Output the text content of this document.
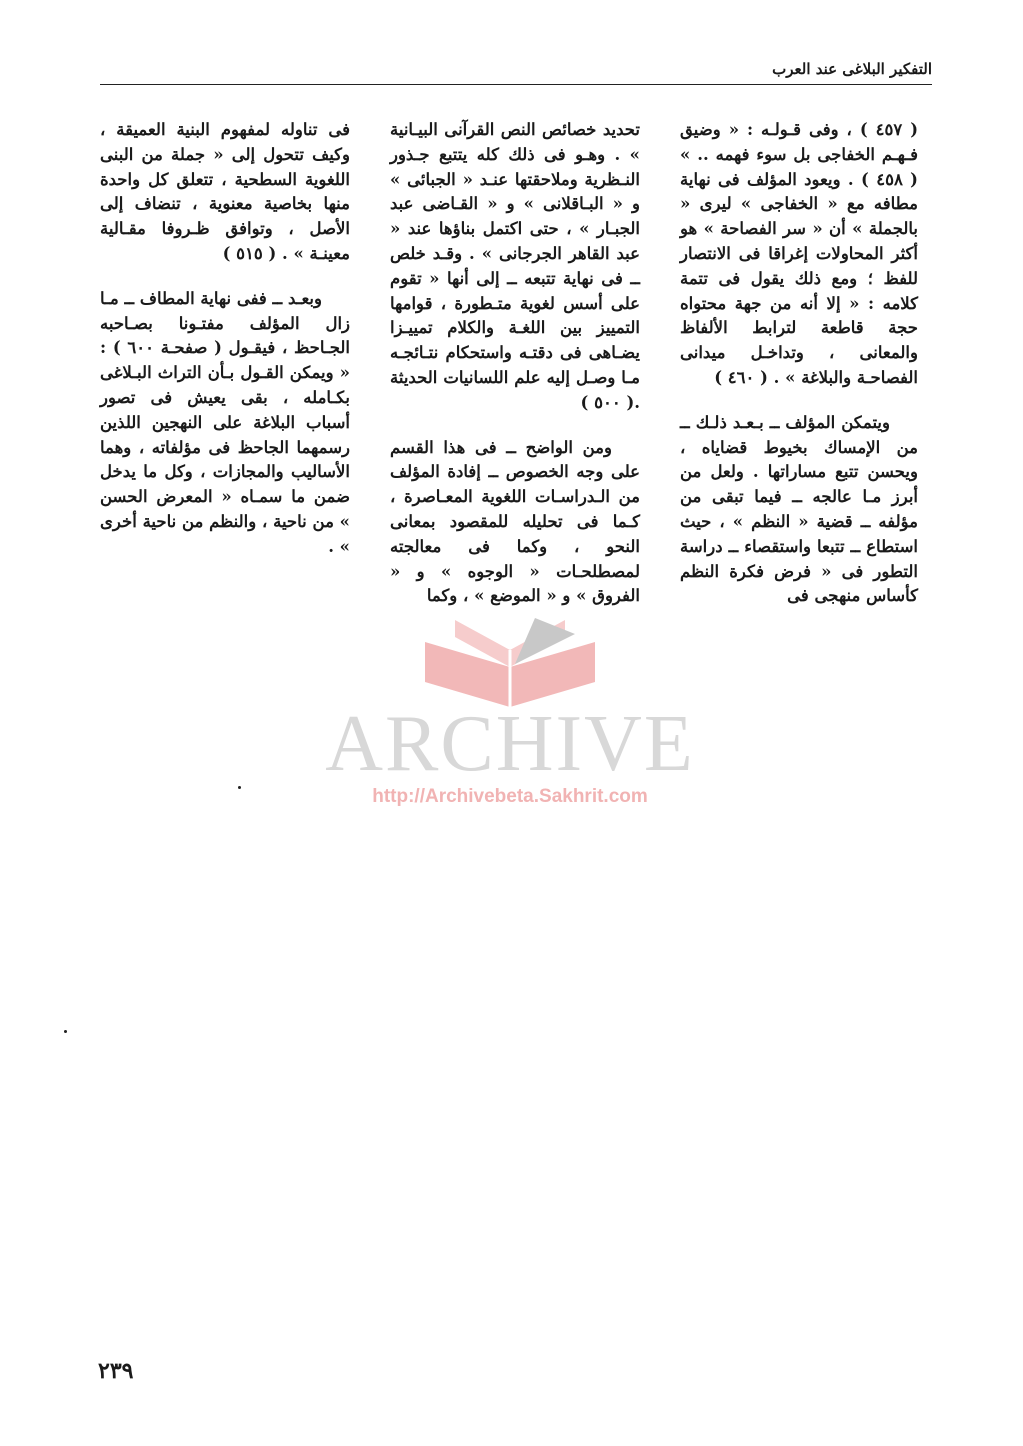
التفكير البلاغى عند العرب

( ٤٥٧ ) ، وفى قـولـه : « وضيق فـهـم الخفاجى بل سوء فهمه .. » ( ٤٥٨ ) . ويعود المؤلف فى نهاية مطافه مع « الخفاجى » ليرى « بالجملة » أن « سر الفصاحة » هو أكثر المحاولات إغراقا فى الانتصار للفظ ؛ ومع ذلك يقول فى تتمة كلامه : « إلا أنه من جهة محتواه حجة قاطعة لترابط الألفاظ والمعانى ، وتداخـل ميدانى الفصاحـة والبلاغة » . ( ٤٦٠ )

ويتمكن المؤلف ــ بـعـد ذلـك ــ من الإمساك بخيوط قضاياه ، ويحسن تتبع مساراتها . ولعل من أبرز مـا عالجه ــ فيما تبقى من مؤلفه ــ قضية « النظم » ، حيث استطاع ــ تتبعا واستقصاء ــ دراسة التطور فى « فرض فكرة النظم كأساس منهجى فى

تحديد خصائص النص القرآنى البيـانية » . وهـو فى ذلك كله يتتبع جـذور النـظرية وملاحقتها عنـد « الجبائى » و « البـاقلانى » و « القـاضى عبد الجبـار » ، حتى اكتمل بناؤها عند « عبد القاهر الجرجانى » . وقـد خلص ــ فى نهاية تتبعه ــ إلى أنها « تقوم على أسس لغوية متـطورة ، قوامها التمييز بين اللغـة والكلام تمييـزا يضـاهى فى دقتـه واستحكام نتـائجـه مـا وصـل إليه علم اللسانيات الحديثة .( ٥٠٠ )

ومن الواضح ــ فى هذا القسم على وجه الخصوص ــ إفادة المؤلف من الـدراسـات اللغوية المعـاصرة ، كـما فى تحليله للمقصود بمعانى النحو ، وكما فى معالجته لمصطلحـات « الوجوه » و « الفروق » و « الموضع » ، وكما

فى تناوله لمفهوم البنية العميقة ، وكيف تتحول إلى « جملة من البنى اللغوية السطحية ، تتعلق كل واحدة منها بخاصية معنوية ، تنضاف إلى الأصل ، وتوافق ظـروفا مقـالية معينـة » . ( ٥١٥ )

وبعـد ــ ففى نهاية المطاف ــ مـا زال المؤلف مفتـونا بصـاحبه الجـاحظ ، فيقـول ( صفحـة ٦٠٠ ) : « ويمكن القـول بـأن التراث البـلاغى بكـامله ، بقى يعيش فى تصور أسباب البلاغة على النهجين اللذين رسمهما الجاحظ فى مؤلفاته ، وهما الأساليب والمجازات ، وكل ما يدخل ضمن ما سمـاه « المعرض الحسن » من ناحية ، والنظم من ناحية أخرى » .

ARCHIVE
http://Archivebeta.Sakhrit.com
٢٣٩
